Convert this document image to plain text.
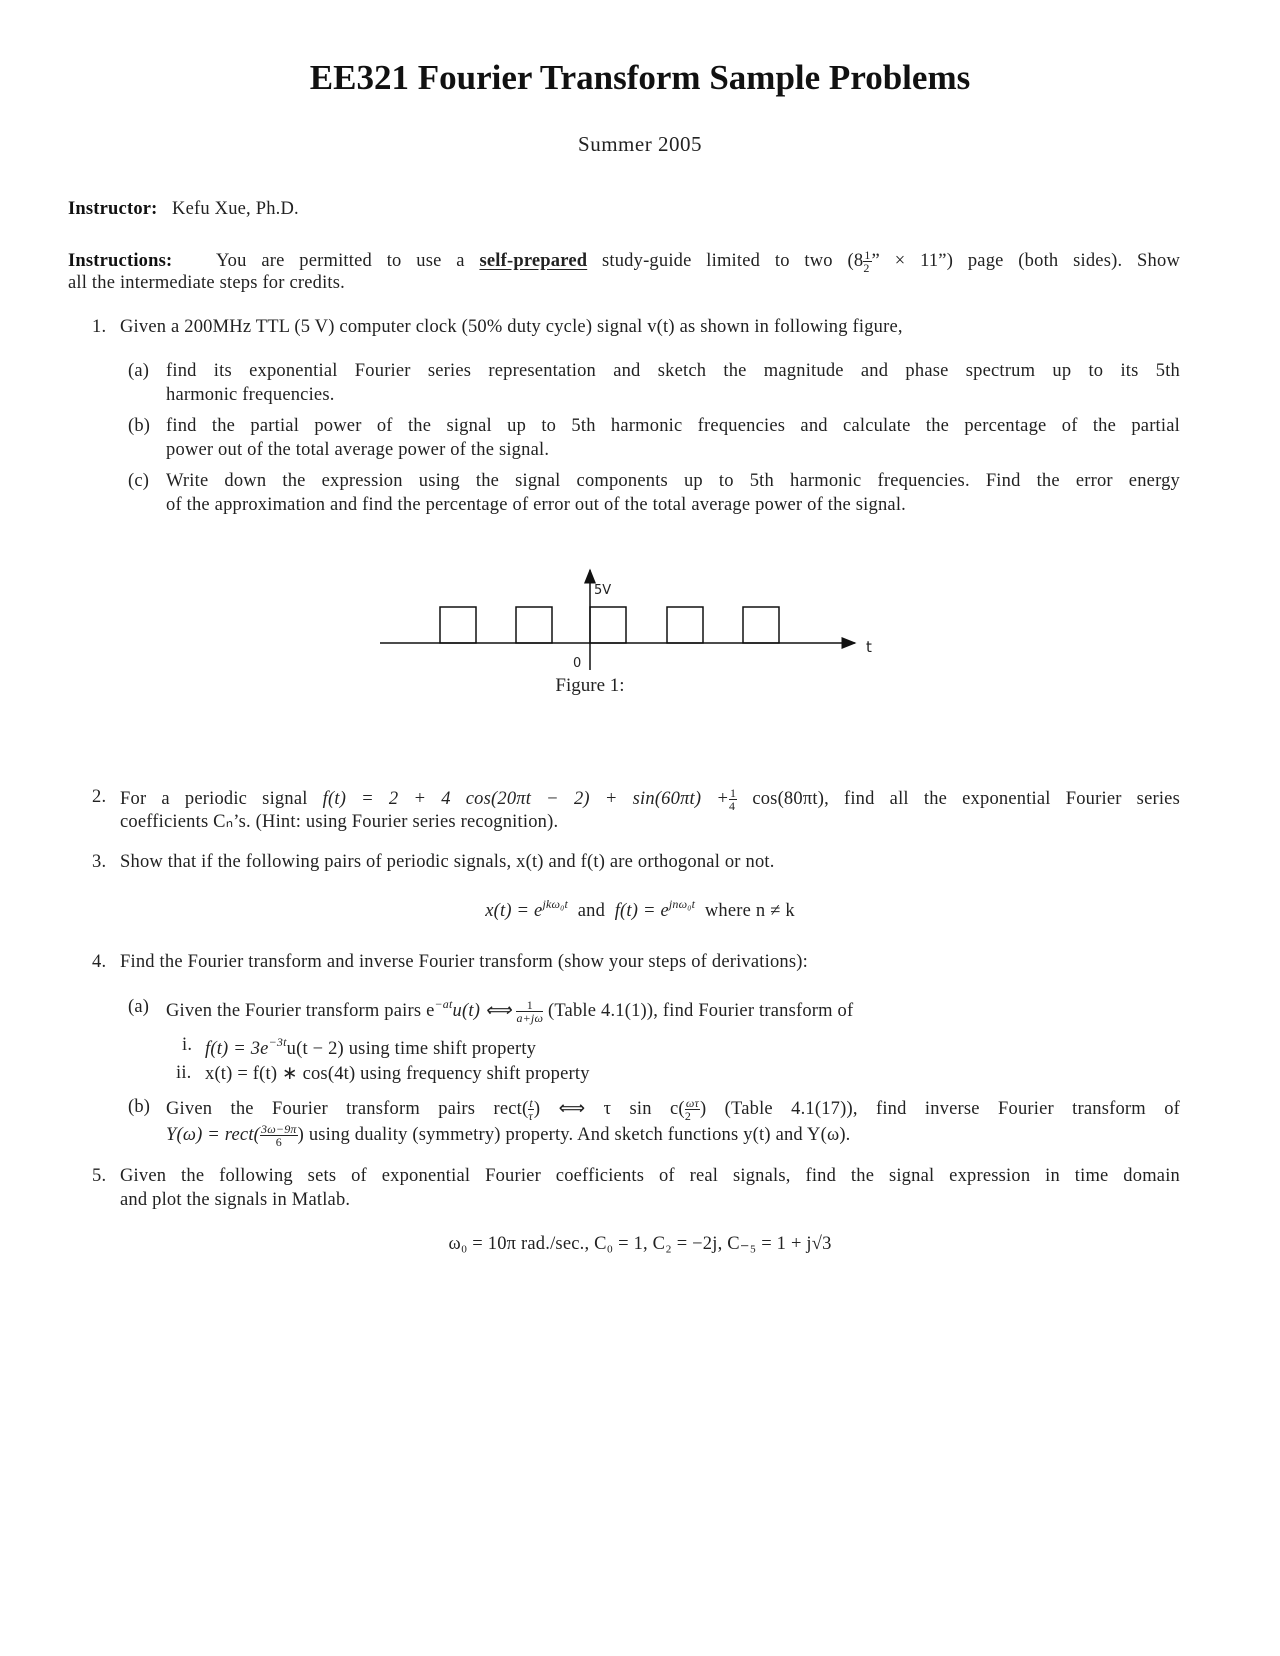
EE321 Fourier Transform Sample Problems
Summer 2005
Instructor: Kefu Xue, Ph.D.
Instructions: You are permitted to use a self-prepared study-guide limited to two ($8 \frac{1}{2}$ ” × 11”) page (both sides). Show
all the intermediate steps for credits.
1. Given a 200MHz TTL (5 V) computer clock (50% duty cycle) signal v(t) as shown in following figure,
(a) find its exponential Fourier series representation and sketch the magnitude and phase spectrum up to its 5th
harmonic frequencies.
(b) find the partial power of the signal up to 5th harmonic frequencies and calculate the percentage of the partial
power out of the total average power of the signal.
(c) Write down the expression using the signal components up to 5th harmonic frequencies. Find the error energy
of the approximation and find the percentage of error out of the total average power of the signal.
5V
0
t
Figure 1:
2. For a periodic signal f(t) = 2 + 4 $\cos(20\pi t - 2) + \sin(60\pi t) + \frac{1}{4} \cos(80\pi t)$, find all the exponential Fourier series
coefficients Cₙ’s. (Hint: using Fourier series recognition).
3. Show that if the following pairs of periodic signals, x(t) and f(t) are orthogonal or not.
$x(t) = e^{jk\omega_0t}$ and $f(t) = e^{jn\omega_0t}$ where n ≠ k
4. Find the Fourier transform and inverse Fourier transform (show your steps of derivations):
(a) Given the Fourier transform pairs $e^{-at}u(t)$ ⟺ $\frac{1}{a+j\omega}$ (Table 4.1(1)), find Fourier transform of
i. $f(t) = 3e^{-3t}u(t - 2)$ using time shift property
ii. x(t) = f(t) ∗ cos(4t) using frequency shift property
(b) Given the Fourier transform pairs rect( $\frac{t}{\tau}$ ) ⟺ τ $\sin c( \frac{\omega\tau}{2}$ ) (Table 4.1(17)), find inverse Fourier transform of
Y(ω) = rect( $\frac{3\omega-9\pi}{6}$ ) using duality (symmetry) property. And sketch functions y(t) and Y(ω).
5. Given the following sets of exponential Fourier coefficients of real signals, find the signal expression in time domain
and plot the signals in Matlab.
ω₀ = 10π rad./sec., C₀ = 1, C₂ = −2j, C₋₅ = 1 + j√3
